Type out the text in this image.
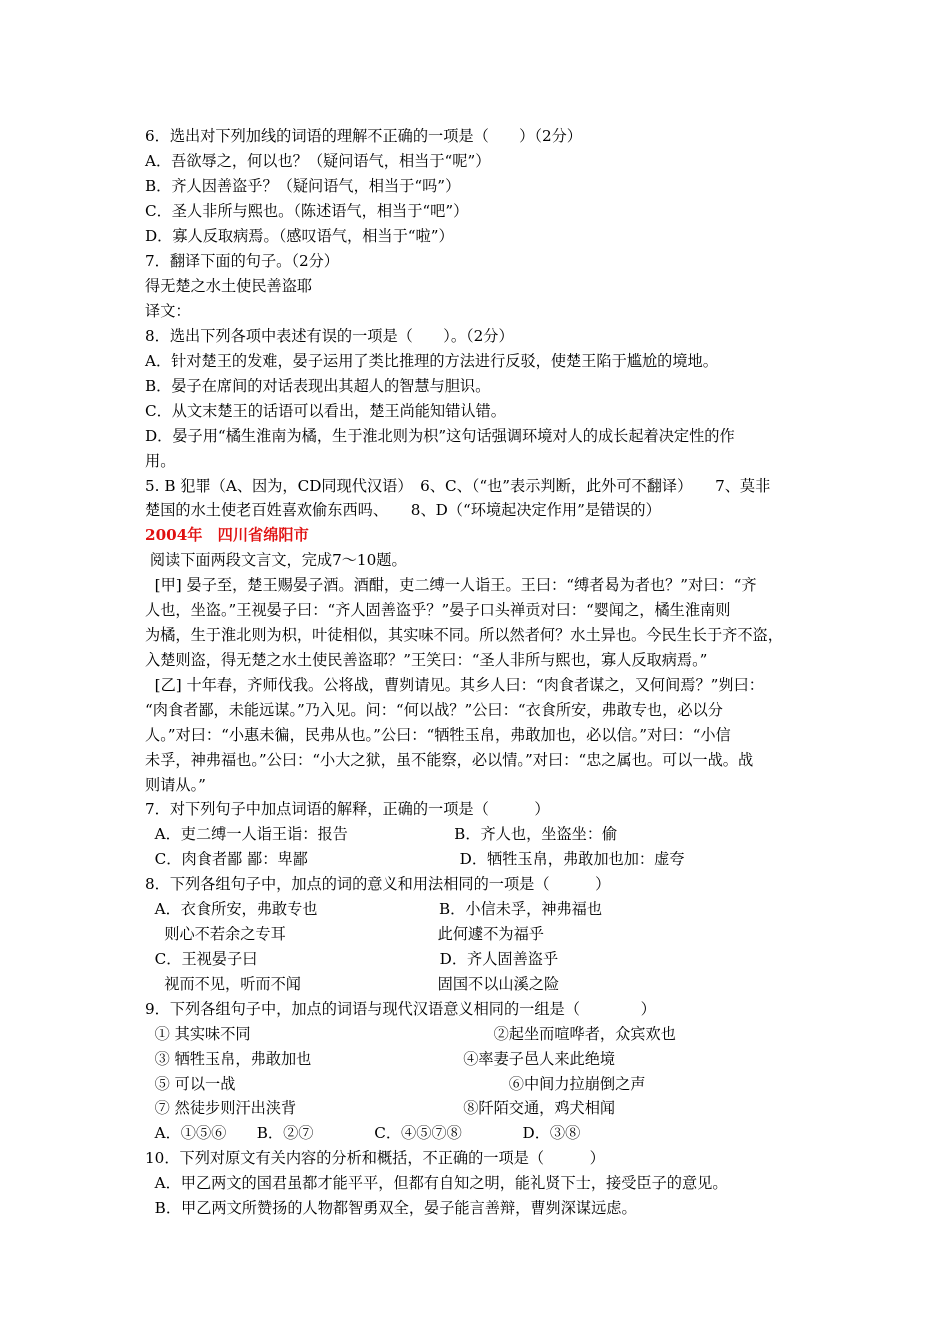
6．选出对下列加线的词语的理解不正确的一项是（　　）（2分）
A．吾欲辱之，何以也？（疑问语气，相当于“呢”）
B．齐人因善盗乎？（疑问语气，相当于“吗”）
C．圣人非所与熙也。（陈述语气，相当于“吧”）
D．寡人反取病焉。（感叹语气，相当于“啦”）
7．翻译下面的句子。（2分）
得无楚之水土使民善盗耶
译文：
8．选出下列各项中表述有误的一项是（　　）。（2分）
A．针对楚王的发难，晏子运用了类比推理的方法进行反驳，使楚王陷于尴尬的境地。
B．晏子在席间的对话表现出其超人的智慧与胆识。
C．从文末楚王的话语可以看出，楚王尚能知错认错。
D．晏子用“橘生淮南为橘，生于淮北则为枳”这句话强调环境对人的成长起着决定性的作
用。
5. B 犯罪（A、因为，CD同现代汉语）　6、C、（“也”表示判断，此外可不翻译）　　7、莫非
楚国的水土使老百姓喜欢偷东西吗、　　8、D（“环境起决定作用”是错误的）
2004年　四川省绵阳市
阅读下面两段文言文，完成7～10题。
[甲] 晏子至，楚王赐晏子酒。酒酣，吏二缚一人诣王。王曰：“缚者曷为者也？”对曰：“齐
人也，坐盗。”王视晏子曰：“齐人固善盗乎？”晏子口头禅贡对曰：“婴闻之，橘生淮南则
为橘，生于淮北则为枳，叶徒相似，其实味不同。所以然者何？水土异也。今民生长于齐不盗，
入楚则盗，得无楚之水土使民善盗耶？”王笑曰：“圣人非所与熙也，寡人反取病焉。”
[乙] 十年春，齐师伐我。公将战，曹刿请见。其乡人曰：“肉食者谋之，又何间焉？”刿曰：
“肉食者鄙，未能远谋。”乃入见。问：“何以战？”公曰：“衣食所安，弗敢专也，必以分
人。”对曰：“小惠未徧，民弗从也。”公曰：“牺牲玉帛，弗敢加也，必以信。”对曰：“小信
未孚，神弗福也。”公曰：“小大之狱，虽不能察，必以情。”对曰：“忠之属也。可以一战。战
则请从。”
7．对下列句子中加点词语的解释，正确的一项是（　　　）
A．吏二缚一人诣王诣：报告　　　　　　　B．齐人也，坐盗坐：偷
C．肉食者鄙 鄙：卑鄙　　　　　　　　　　D．牺牲玉帛，弗敢加也加：虚夸
8．下列各组句子中，加点的词的意义和用法相同的一项是（　　　）
A．衣食所安，弗敢专也　　　　　　　　B．小信未孚，神弗福也
则心不若余之专耳　　　　　　　　　　此何遽不为福乎
C．王视晏子曰　　　　　　　　　　　　D．齐人固善盗乎
视而不见，听而不闻　　　　　　　　　固国不以山溪之险
9．下列各组句子中，加点的词语与现代汉语意义相同的一组是（　　　　）
① 其实味不同　　　　　　　　　　　　　　　　②起坐而喧哗者，众宾欢也
③ 牺牲玉帛，弗敢加也　　　　　　　　　　④率妻子邑人来此绝境
⑤ 可以一战　　　　　　　　　　　　　　　　　　⑥中间力拉崩倒之声
⑦ 然徒步则汗出浃背　　　　　　　　　　　⑧阡陌交通，鸡犬相闻
A．①⑤⑥　　B．②⑦　　　　C．④⑤⑦⑧　　　　D．③⑧
10．下列对原文有关内容的分析和概括，不正确的一项是（　　　）
A．甲乙两文的国君虽都才能平平，但都有自知之明，能礼贤下士，接受臣子的意见。
B．甲乙两文所赞扬的人物都智勇双全，晏子能言善辩，曹刿深谋远虑。
